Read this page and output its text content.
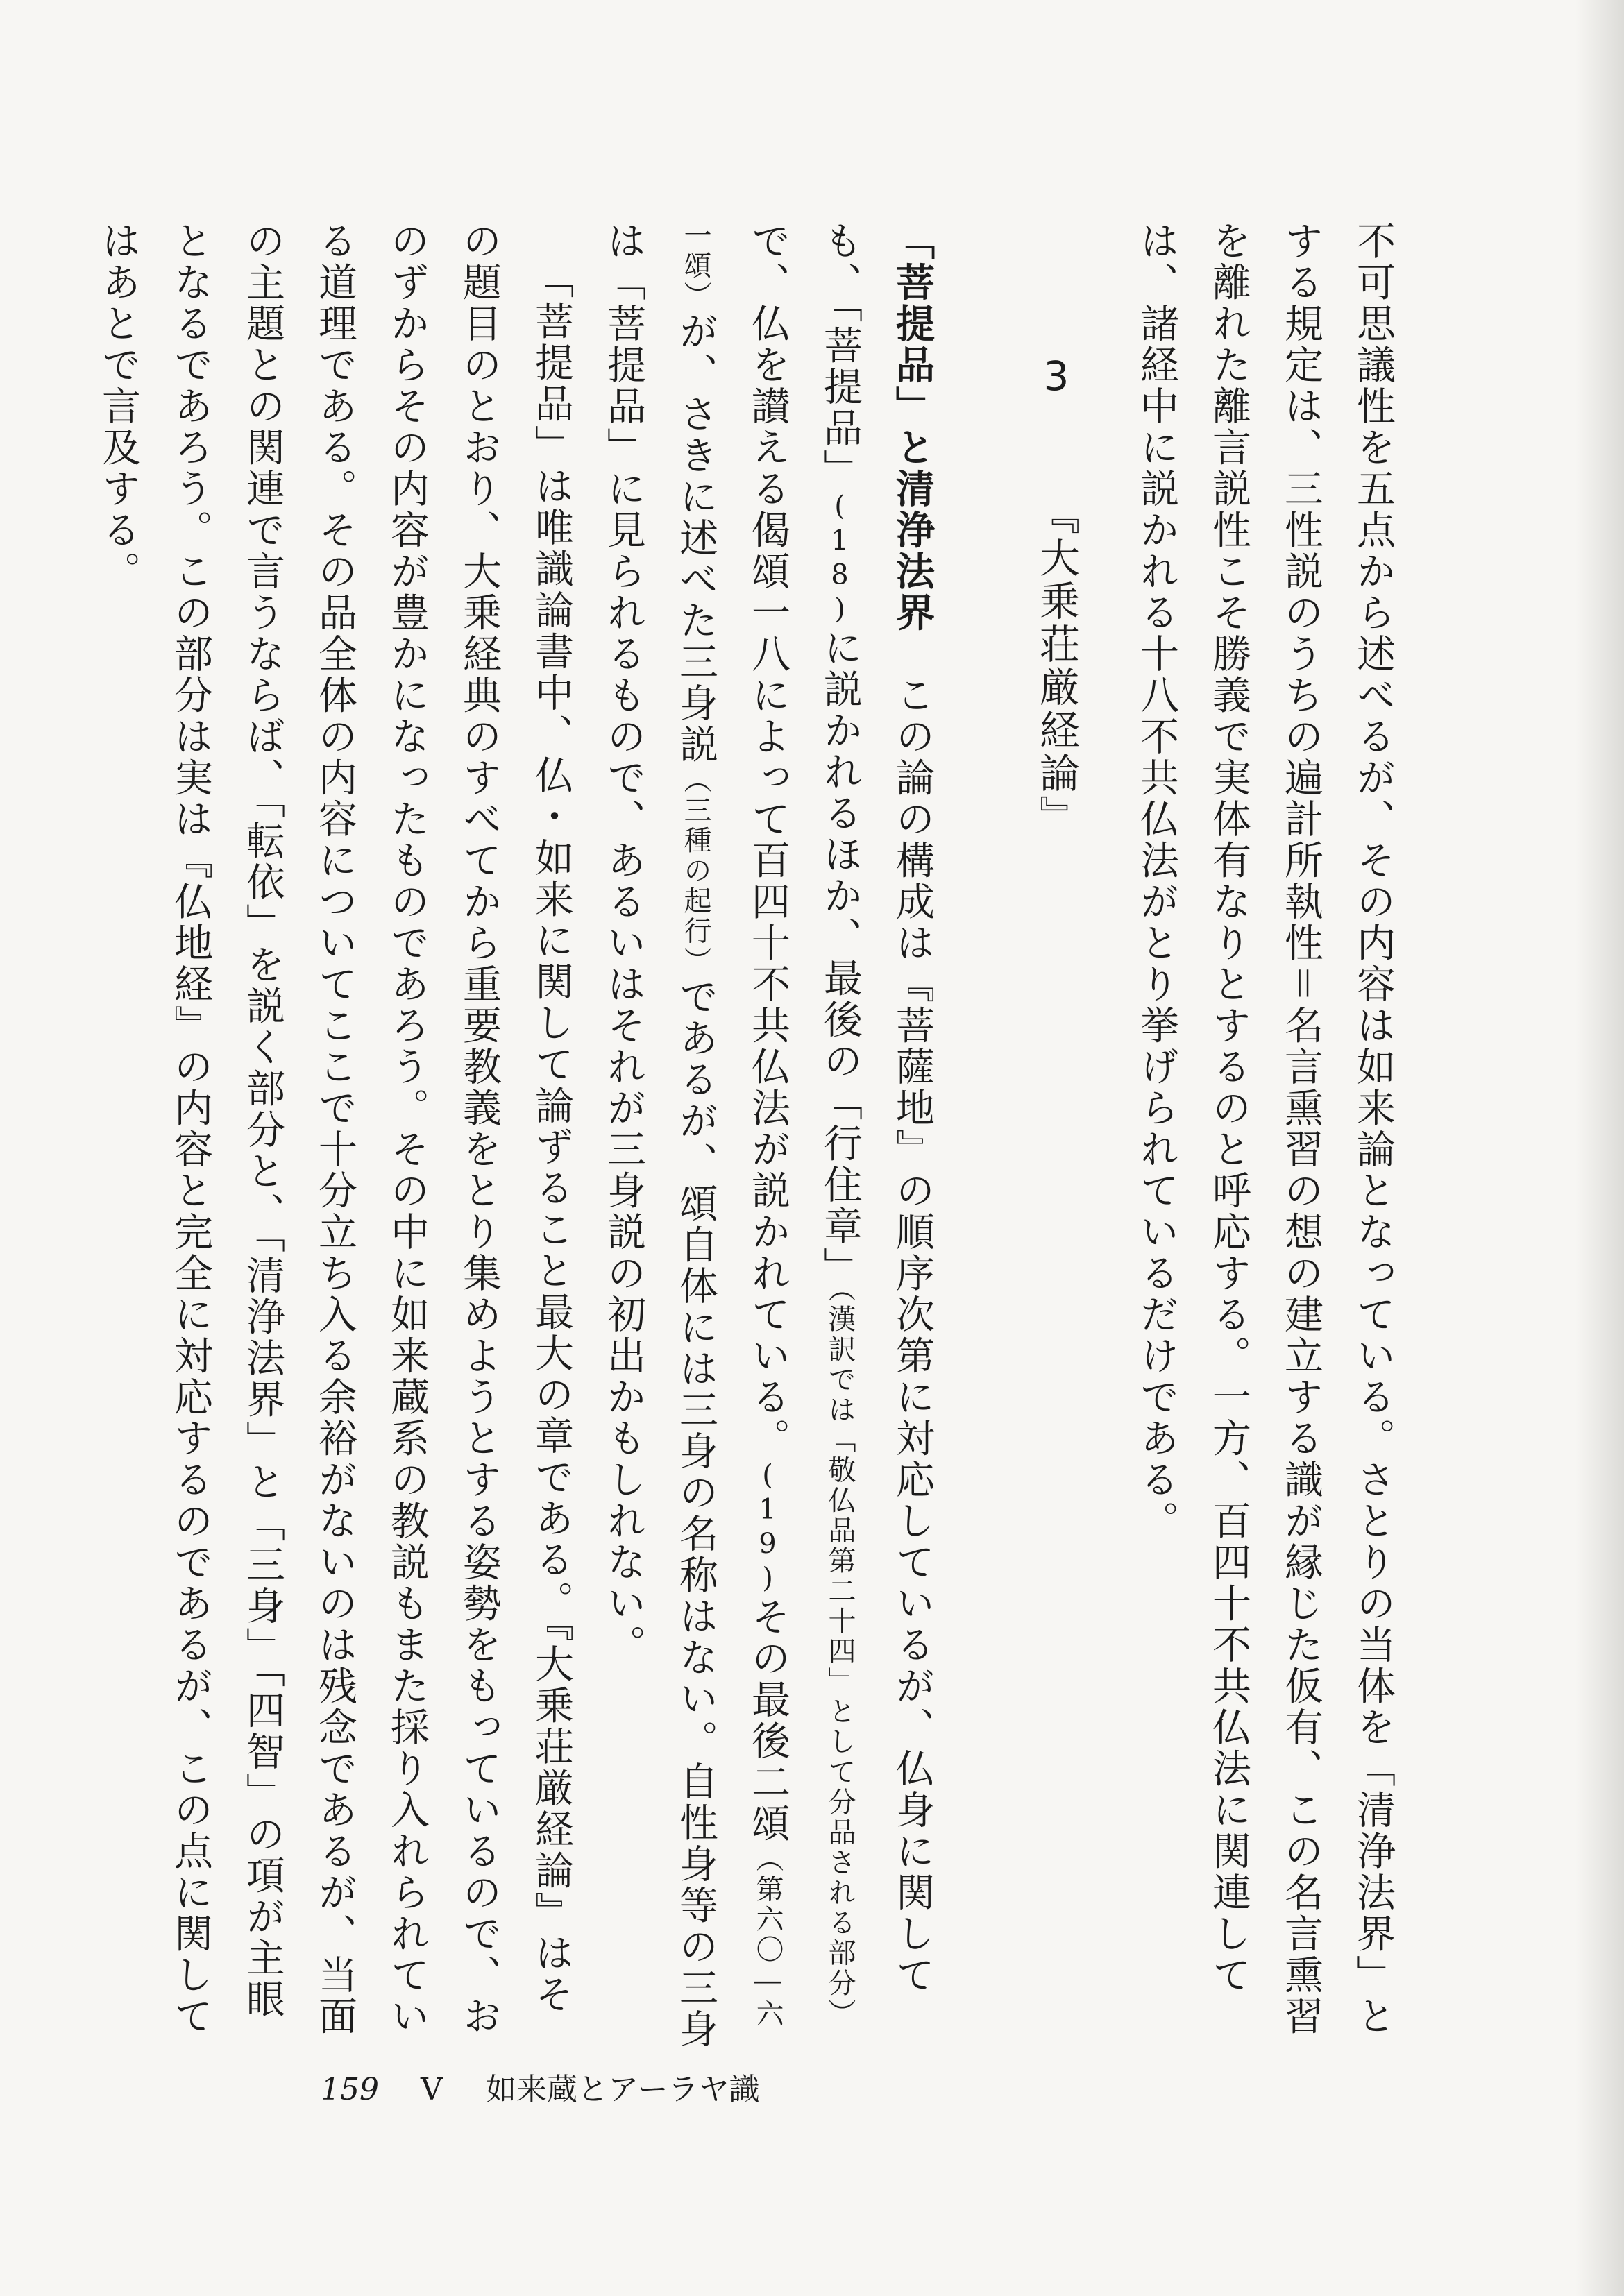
不可思議性を五点から述べるが、その内容は如来論となっている。さとりの当体を「清浄法界」とする規定は、三性説のうちの遍計所執性＝名言熏習の想の建立する識が縁じた仮有、この名言熏習を離れた離言説性こそ勝義で実体有なりとするのと呼応する。一方、百四十不共仏法に関連しては、諸経中に説かれる十八不共仏法がとり挙げられているだけである。

3 『大乗荘厳経論』

「菩提品」と清浄法界　この論の構成は『菩薩地』の順序次第に対応しているが、仏身に関しても、「菩提品」(18)に説かれるほか、最後の「行住章」（漢訳では「敬仏品第二十四」として分品される部分）で、仏を讃える偈頌一八によって百四十不共仏法が説かれている。(19)その最後二頌（第六〇―六一頌）が、さきに述べた三身説（三種の起行）であるが、頌自体には三身の名称はない。自性身等の三身は「菩提品」に見られるもので、あるいはそれが三身説の初出かもしれない。

「菩提品」は唯識論書中、仏・如来に関して論ずること最大の章である。『大乗荘厳経論』はその題目のとおり、大乗経典のすべてから重要教義をとり集めようとする姿勢をもっているので、おのずからその内容が豊かになったものであろう。その中に如来蔵系の教説もまた採り入れられている道理である。その品全体の内容についてここで十分立ち入る余裕がないのは残念であるが、当面の主題との関連で言うならば、「転依」を説く部分と、「清浄法界」と「三身」「四智」の項が主眼となるであろう。この部分は実は『仏地経』の内容と完全に対応するのであるが、この点に関してはあとで言及する。

159 V 如来蔵とアーラヤ識
